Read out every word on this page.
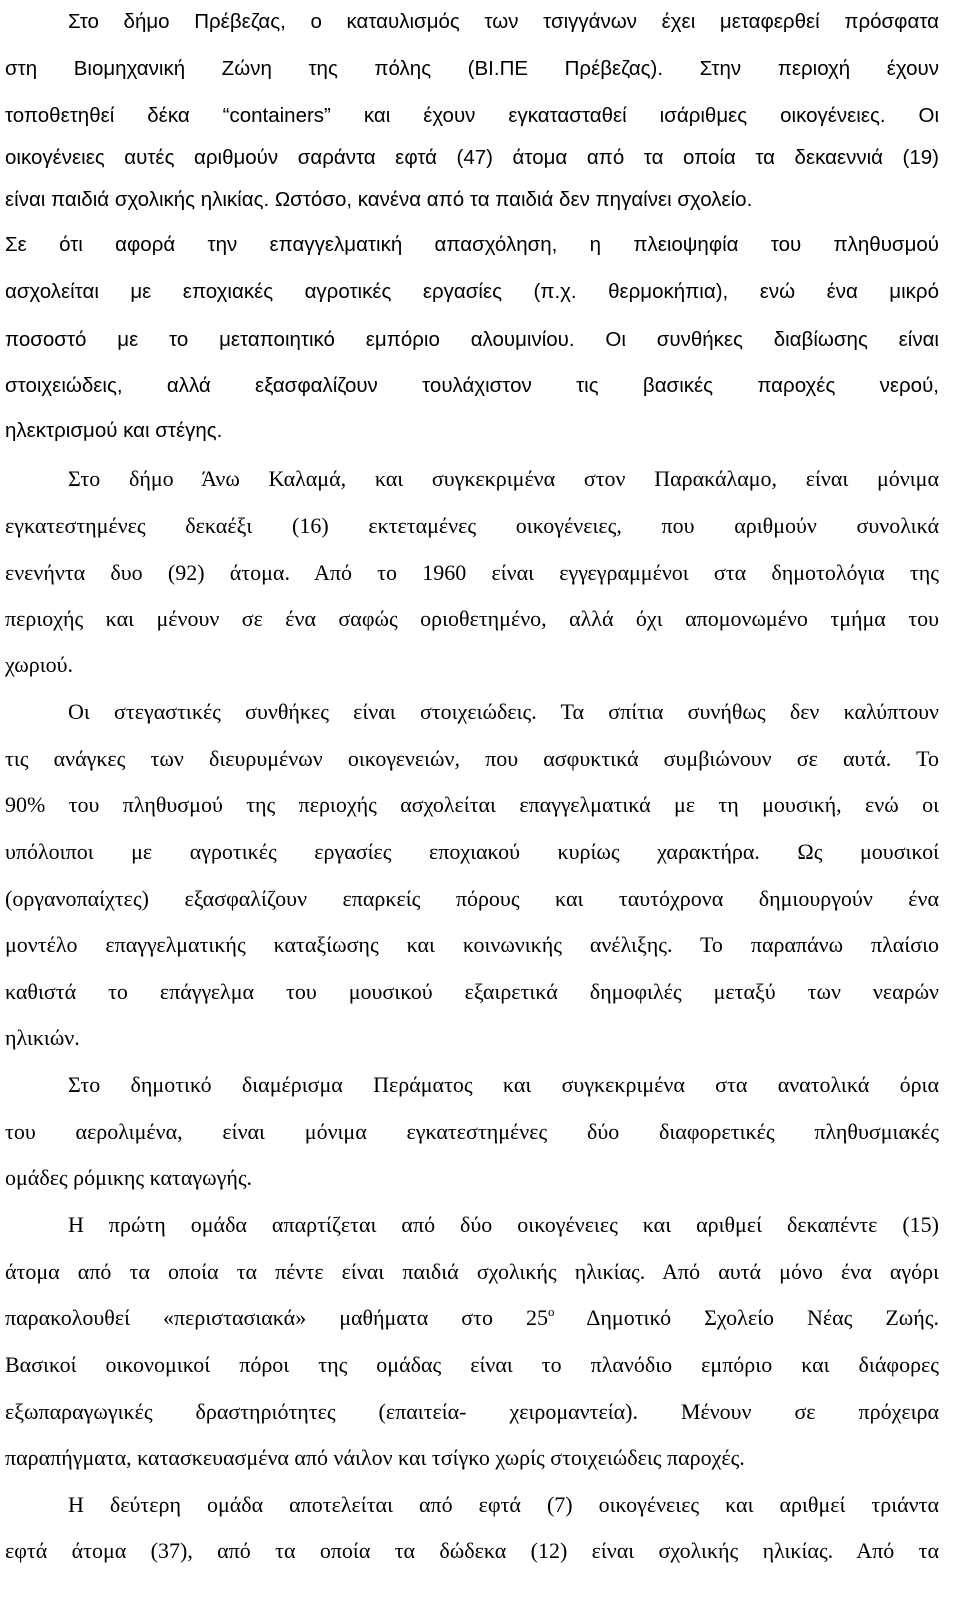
Στο δήμο Πρέβεζας, ο καταυλισμός των τσιγγάνων έχει μεταφερθεί πρόσφατα
στη Βιομηχανική Ζώνη της πόλης (ΒΙ.ΠΕ Πρέβεζας). Στην περιοχή έχουν
τοποθετηθεί δέκα “containers” και έχουν εγκατασταθεί ισάριθμες οικογένειες. Οι
οικογένειες αυτές αριθμούν σαράντα εφτά (47) άτομα από τα οποία τα δεκαεννιά (19)
είναι παιδιά σχολικής ηλικίας. Ωστόσο, κανένα από τα παιδιά δεν πηγαίνει σχολείο.
Σε ότι αφορά την επαγγελματική απασχόληση, η πλειοψηφία του πληθυσμού
ασχολείται με εποχιακές αγροτικές εργασίες (π.χ. θερμοκήπια), ενώ ένα μικρό
ποσοστό με το μεταποιητικό εμπόριο αλουμινίου. Οι συνθήκες διαβίωσης είναι
στοιχειώδεις, αλλά εξασφαλίζουν τουλάχιστον τις βασικές παροχές νερού,
ηλεκτρισμού και στέγης.
Στο δήμο Άνω Καλαμά, και συγκεκριμένα στον Παρακάλαμο, είναι μόνιμα
εγκατεστημένες δεκαέξι (16) εκτεταμένες οικογένειες, που αριθμούν συνολικά
ενενήντα δυο (92) άτομα. Από το 1960 είναι εγγεγραμμένοι στα δημοτολόγια της
περιοχής και μένουν σε ένα σαφώς οριοθετημένο, αλλά όχι απομονωμένο τμήμα του
χωριού.
Οι στεγαστικές συνθήκες είναι στοιχειώδεις. Τα σπίτια συνήθως δεν καλύπτουν
τις ανάγκες των διευρυμένων οικογενειών, που ασφυκτικά συμβιώνουν σε αυτά. Το
90% του πληθυσμού της περιοχής ασχολείται επαγγελματικά με τη μουσική, ενώ οι
υπόλοιποι με αγροτικές εργασίες εποχιακού κυρίως χαρακτήρα. Ως μουσικοί
(οργανοπαίχτες) εξασφαλίζουν επαρκείς πόρους και ταυτόχρονα δημιουργούν ένα
μοντέλο επαγγελματικής καταξίωσης και κοινωνικής ανέλιξης. Το παραπάνω πλαίσιο
καθιστά το επάγγελμα του μουσικού εξαιρετικά δημοφιλές μεταξύ των νεαρών
ηλικιών.
Στο δημοτικό διαμέρισμα Περάματος και συγκεκριμένα στα ανατολικά όρια
του αερολιμένα, είναι μόνιμα εγκατεστημένες δύο διαφορετικές πληθυσμιακές
ομάδες ρόμικης καταγωγής.
Η πρώτη ομάδα απαρτίζεται από δύο οικογένειες και αριθμεί δεκαπέντε (15)
άτομα από τα οποία τα πέντε είναι παιδιά σχολικής ηλικίας. Από αυτά μόνο ένα αγόρι
παρακολουθεί «περιστασιακά» μαθήματα στο $25^o$ Δημοτικό Σχολείο Νέας Ζωής.
Βασικοί οικονομικοί πόροι της ομάδας είναι το πλανόδιο εμπόριο και διάφορες
εξωπαραγωγικές δραστηριότητες (επαιτεία- χειρομαντεία). Μένουν σε πρόχειρα
παραπήγματα, κατασκευασμένα από νάιλον και τσίγκο χωρίς στοιχειώδεις παροχές.
Η δεύτερη ομάδα αποτελείται από εφτά (7) οικογένειες και αριθμεί τριάντα
εφτά άτομα (37), από τα οποία τα δώδεκα (12) είναι σχολικής ηλικίας. Από τα
